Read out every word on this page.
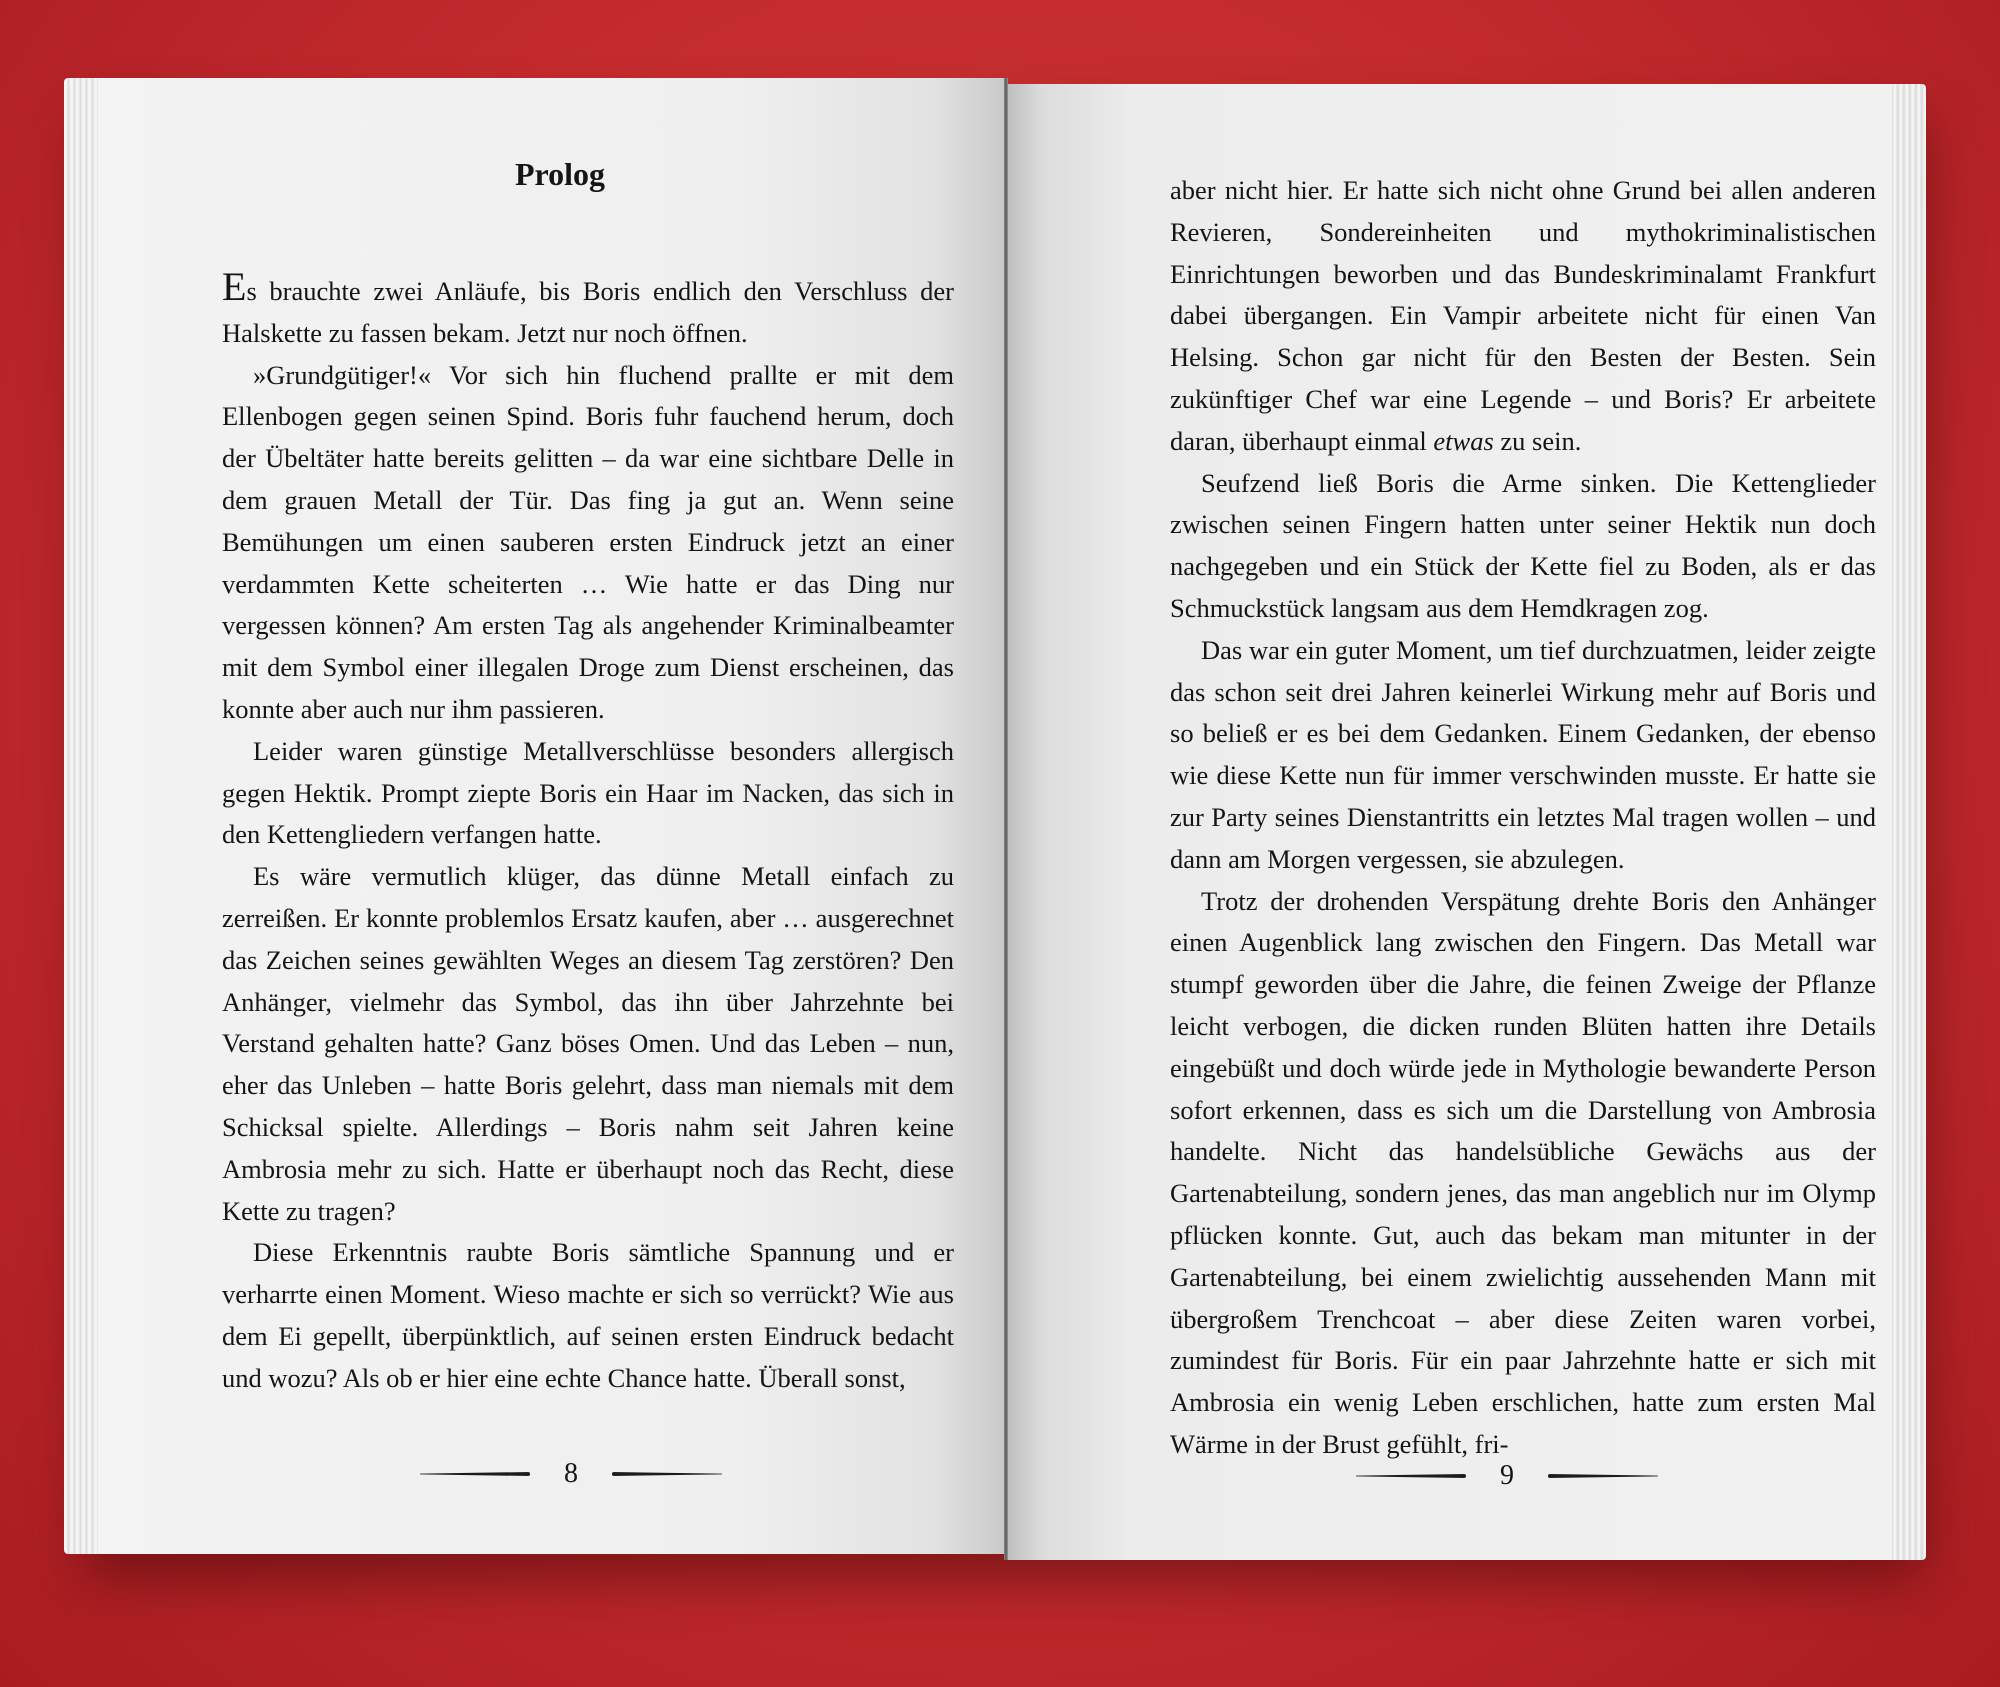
Prolog

Es brauchte zwei Anläufe, bis Boris endlich den Verschluss der Halskette zu fassen bekam. Jetzt nur noch öffnen.

»Grundgütiger!« Vor sich hin fluchend prallte er mit dem Ellenbogen gegen seinen Spind. Boris fuhr fauchend herum, doch der Übeltäter hatte bereits gelitten – da war eine sichtbare Delle in dem grauen Metall der Tür. Das fing ja gut an. Wenn seine Bemühungen um einen sauberen ersten Eindruck jetzt an einer verdammten Kette scheiterten … Wie hatte er das Ding nur vergessen können? Am ersten Tag als angehender Kriminalbeamter mit dem Symbol einer illegalen Droge zum Dienst erscheinen, das konnte aber auch nur ihm passieren.

Leider waren günstige Metallverschlüsse besonders allergisch gegen Hektik. Prompt ziepte Boris ein Haar im Nacken, das sich in den Kettengliedern verfangen hatte.

Es wäre vermutlich klüger, das dünne Metall einfach zu zerreißen. Er konnte problemlos Ersatz kaufen, aber … ausgerechnet das Zeichen seines gewählten Weges an diesem Tag zerstören? Den Anhänger, vielmehr das Symbol, das ihn über Jahrzehnte bei Verstand gehalten hatte? Ganz böses Omen. Und das Leben – nun, eher das Unleben – hatte Boris gelehrt, dass man niemals mit dem Schicksal spielte. Allerdings – Boris nahm seit Jahren keine Ambrosia mehr zu sich. Hatte er überhaupt noch das Recht, diese Kette zu tragen?

Diese Erkenntnis raubte Boris sämtliche Spannung und er verharrte einen Moment. Wieso machte er sich so verrückt? Wie aus dem Ei gepellt, überpünktlich, auf seinen ersten Eindruck bedacht und wozu? Als ob er hier eine echte Chance hatte. Überall sonst,

8

aber nicht hier. Er hatte sich nicht ohne Grund bei allen anderen Revieren, Sondereinheiten und mythokriminalistischen Einrichtungen beworben und das Bundeskriminalamt Frankfurt dabei übergangen. Ein Vampir arbeitete nicht für einen Van Helsing. Schon gar nicht für den Besten der Besten. Sein zukünftiger Chef war eine Legende – und Boris? Er arbeitete daran, überhaupt einmal etwas zu sein.

Seufzend ließ Boris die Arme sinken. Die Kettenglieder zwischen seinen Fingern hatten unter seiner Hektik nun doch nachgegeben und ein Stück der Kette fiel zu Boden, als er das Schmuckstück langsam aus dem Hemdkragen zog.

Das war ein guter Moment, um tief durchzuatmen, leider zeigte das schon seit drei Jahren keinerlei Wirkung mehr auf Boris und so beließ er es bei dem Gedanken. Einem Gedanken, der ebenso wie diese Kette nun für immer verschwinden musste. Er hatte sie zur Party seines Dienstantritts ein letztes Mal tragen wollen – und dann am Morgen vergessen, sie abzulegen.

Trotz der drohenden Verspätung drehte Boris den Anhänger einen Augenblick lang zwischen den Fingern. Das Metall war stumpf geworden über die Jahre, die feinen Zweige der Pflanze leicht verbogen, die dicken runden Blüten hatten ihre Details eingebüßt und doch würde jede in Mythologie bewanderte Person sofort erkennen, dass es sich um die Darstellung von Ambrosia handelte. Nicht das handelsübliche Gewächs aus der Gartenabteilung, sondern jenes, das man angeblich nur im Olymp pflücken konnte. Gut, auch das bekam man mitunter in der Gartenabteilung, bei einem zwielichtig aussehenden Mann mit übergroßem Trenchcoat – aber diese Zeiten waren vorbei, zumindest für Boris. Für ein paar Jahrzehnte hatte er sich mit Ambrosia ein wenig Leben erschlichen, hatte zum ersten Mal Wärme in der Brust gefühlt, fri-

9
